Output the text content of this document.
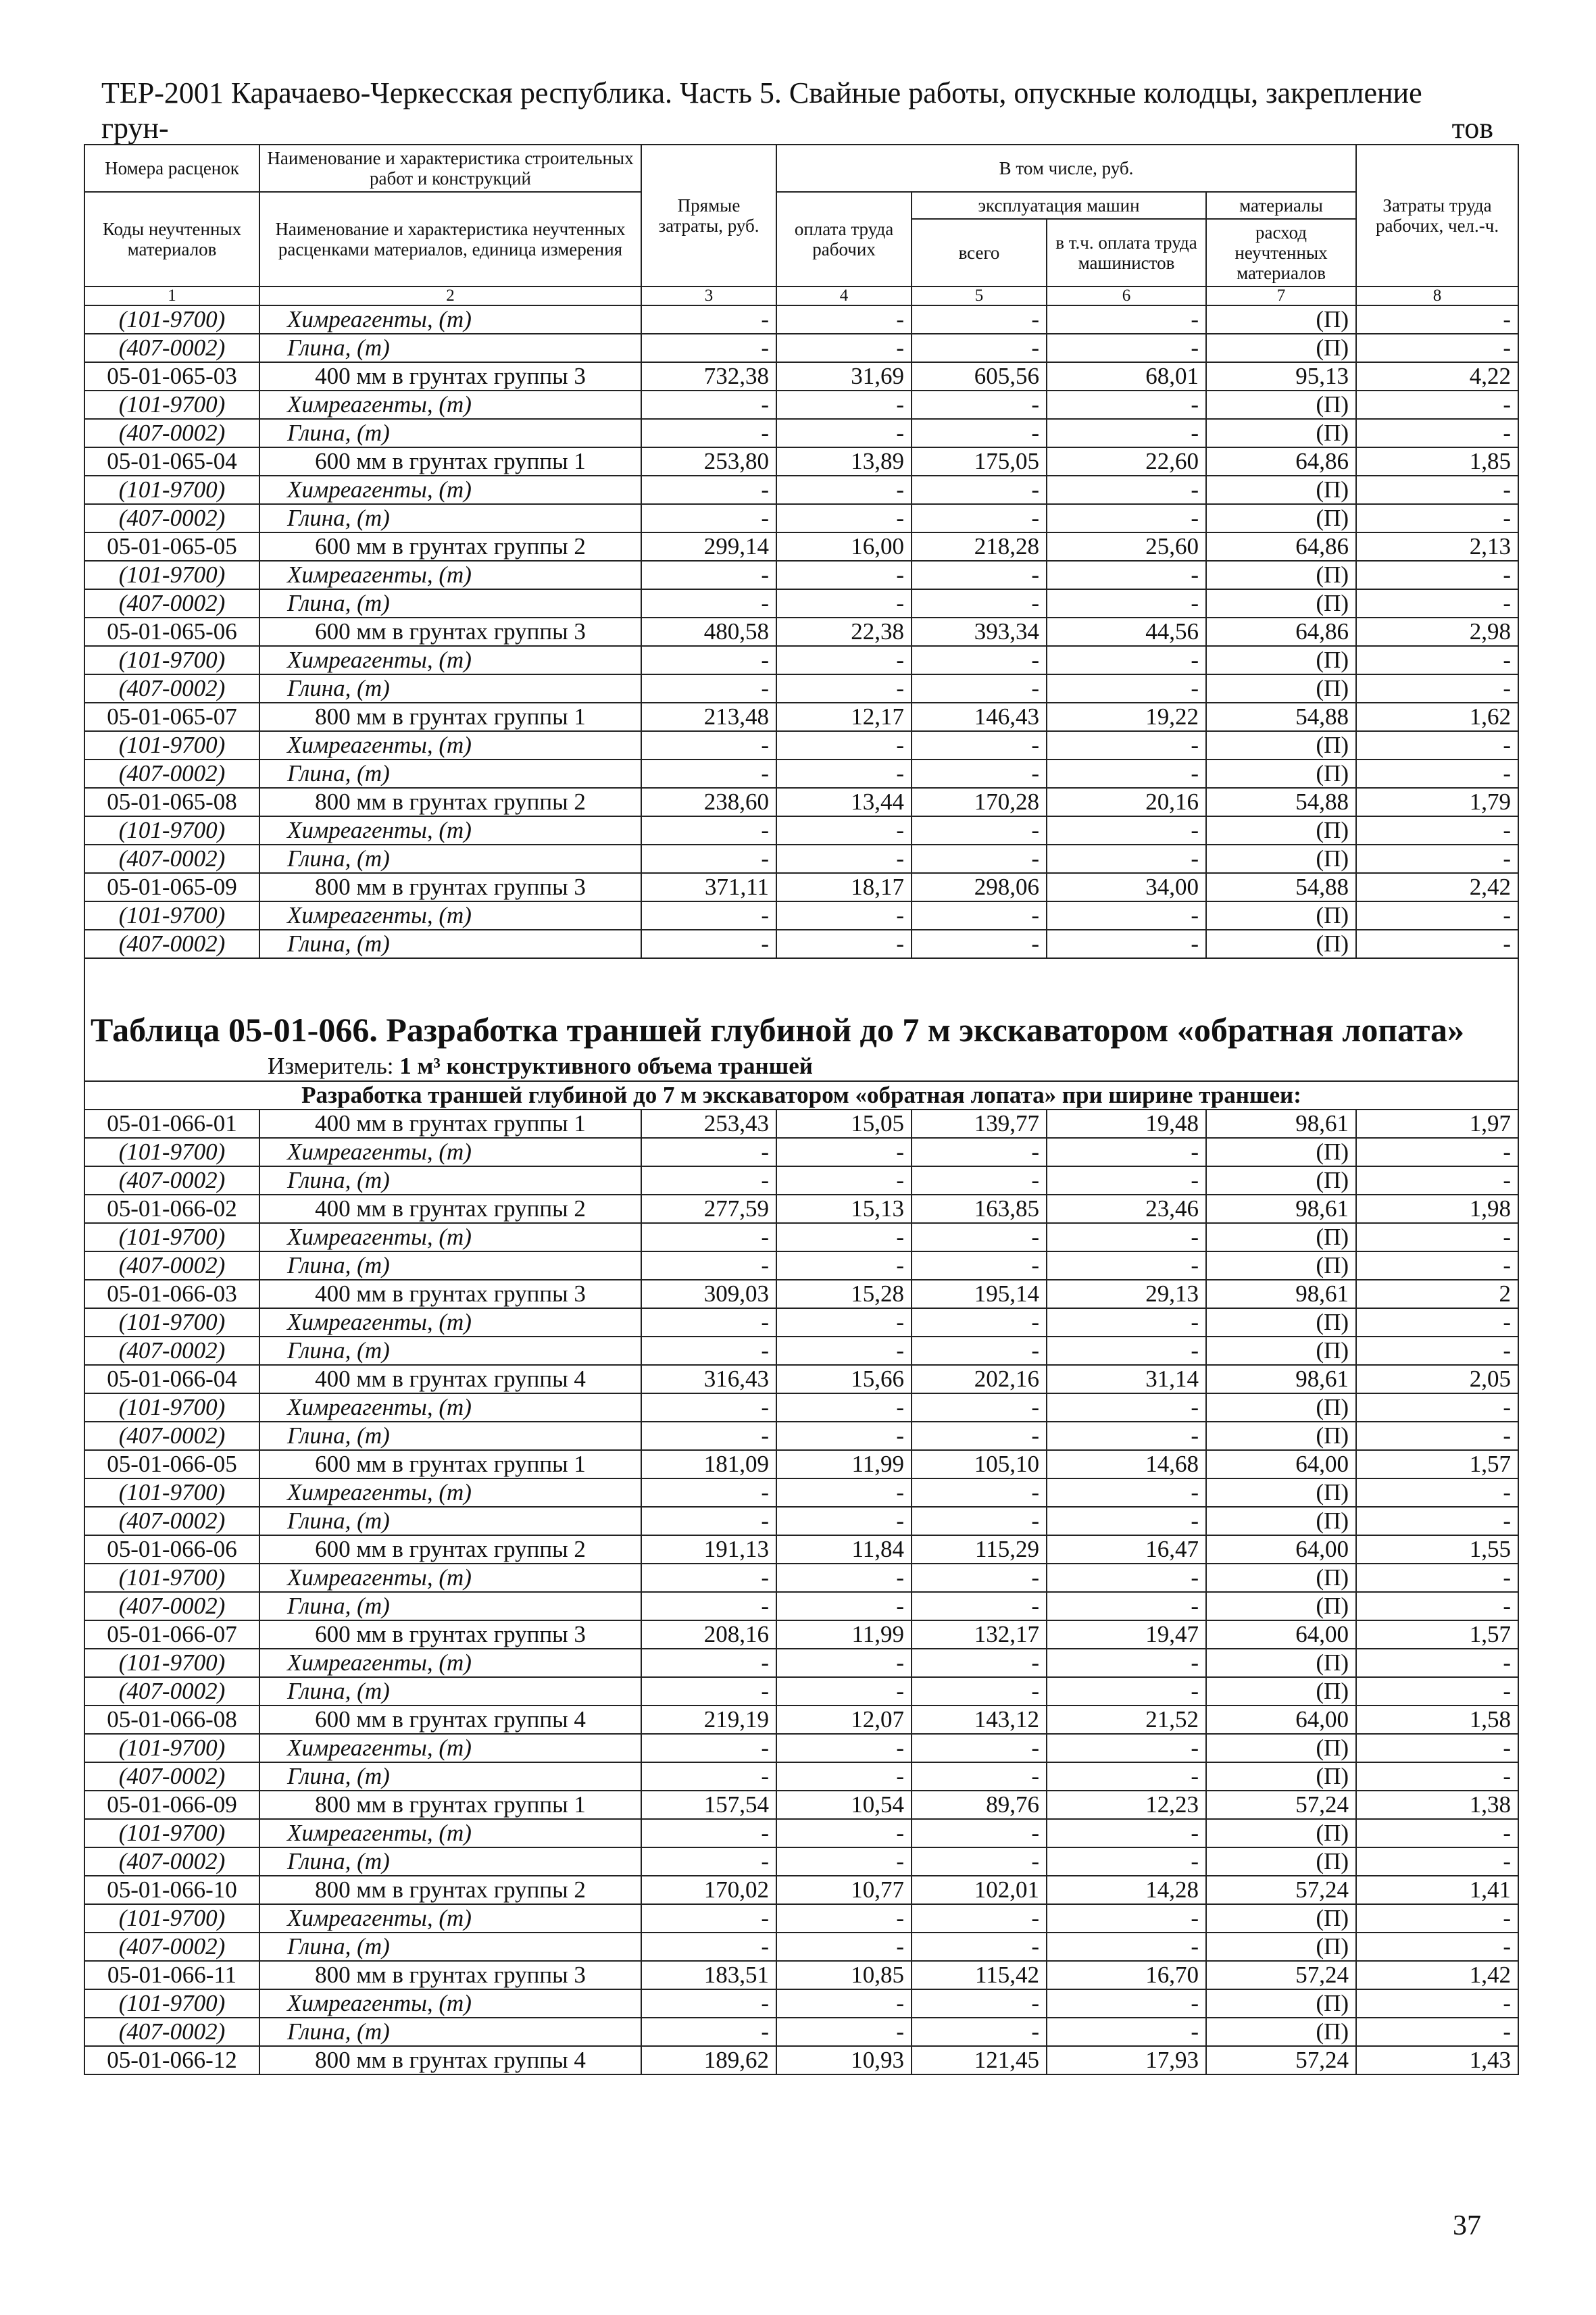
ТЕР-2001 Карачаево-Черкесская республика. Часть 5. Свайные работы, опускные колодцы, закрепление грун-	тов
Номера расценок	Наименование и характеристика строительных работ и конструкций	Прямые затраты, руб.	В том числе, руб.				Затраты труда рабочих, чел.-ч.
Коды неучтенных материалов	Наименование и характеристика неучтенных расценками материалов, единица измерения		оплата труда рабочих	эксплуатация машин		материалы	
				всего	в т.ч. оплата труда машинистов	расход неучтенных материалов	
1	2	3	4	5	6	7	8
(101-9700)	Химреагенты, (т)	-	-	-	-	(П)	-
(407-0002)	Глина, (т)	-	-	-	-	(П)	-
05-01-065-03	400 мм в грунтах группы 3	732,38	31,69	605,56	68,01	95,13	4,22
(101-9700)	Химреагенты, (т)	-	-	-	-	(П)	-
(407-0002)	Глина, (т)	-	-	-	-	(П)	-
05-01-065-04	600 мм в грунтах группы 1	253,80	13,89	175,05	22,60	64,86	1,85
(101-9700)	Химреагенты, (т)	-	-	-	-	(П)	-
(407-0002)	Глина, (т)	-	-	-	-	(П)	-
05-01-065-05	600 мм в грунтах группы 2	299,14	16,00	218,28	25,60	64,86	2,13
(101-9700)	Химреагенты, (т)	-	-	-	-	(П)	-
(407-0002)	Глина, (т)	-	-	-	-	(П)	-
05-01-065-06	600 мм в грунтах группы 3	480,58	22,38	393,34	44,56	64,86	2,98
(101-9700)	Химреагенты, (т)	-	-	-	-	(П)	-
(407-0002)	Глина, (т)	-	-	-	-	(П)	-
05-01-065-07	800 мм в грунтах группы 1	213,48	12,17	146,43	19,22	54,88	1,62
(101-9700)	Химреагенты, (т)	-	-	-	-	(П)	-
(407-0002)	Глина, (т)	-	-	-	-	(П)	-
05-01-065-08	800 мм в грунтах группы 2	238,60	13,44	170,28	20,16	54,88	1,79
(101-9700)	Химреагенты, (т)	-	-	-	-	(П)	-
(407-0002)	Глина, (т)	-	-	-	-	(П)	-
05-01-065-09	800 мм в грунтах группы 3	371,11	18,17	298,06	34,00	54,88	2,42
(101-9700)	Химреагенты, (т)	-	-	-	-	(П)	-
(407-0002)	Глина, (т)	-	-	-	-	(П)	-

Таблица 05-01-066. Разработка траншей глубиной до 7 м экскаватором «обратная лопата»							
Измеритель: 1 м³ конструктивного объема траншей							
Разработка траншей глубиной до 7 м экскаватором «обратная лопата» при ширине траншеи:							
05-01-066-01	400 мм в грунтах группы 1	253,43	15,05	139,77	19,48	98,61	1,97
(101-9700)	Химреагенты, (т)	-	-	-	-	(П)	-
(407-0002)	Глина, (т)	-	-	-	-	(П)	-
05-01-066-02	400 мм в грунтах группы 2	277,59	15,13	163,85	23,46	98,61	1,98
(101-9700)	Химреагенты, (т)	-	-	-	-	(П)	-
(407-0002)	Глина, (т)	-	-	-	-	(П)	-
05-01-066-03	400 мм в грунтах группы 3	309,03	15,28	195,14	29,13	98,61	2
(101-9700)	Химреагенты, (т)	-	-	-	-	(П)	-
(407-0002)	Глина, (т)	-	-	-	-	(П)	-
05-01-066-04	400 мм в грунтах группы 4	316,43	15,66	202,16	31,14	98,61	2,05
(101-9700)	Химреагенты, (т)	-	-	-	-	(П)	-
(407-0002)	Глина, (т)	-	-	-	-	(П)	-
05-01-066-05	600 мм в грунтах группы 1	181,09	11,99	105,10	14,68	64,00	1,57
(101-9700)	Химреагенты, (т)	-	-	-	-	(П)	-
(407-0002)	Глина, (т)	-	-	-	-	(П)	-
05-01-066-06	600 мм в грунтах группы 2	191,13	11,84	115,29	16,47	64,00	1,55
(101-9700)	Химреагенты, (т)	-	-	-	-	(П)	-
(407-0002)	Глина, (т)	-	-	-	-	(П)	-
05-01-066-07	600 мм в грунтах группы 3	208,16	11,99	132,17	19,47	64,00	1,57
(101-9700)	Химреагенты, (т)	-	-	-	-	(П)	-
(407-0002)	Глина, (т)	-	-	-	-	(П)	-
05-01-066-08	600 мм в грунтах группы 4	219,19	12,07	143,12	21,52	64,00	1,58
(101-9700)	Химреагенты, (т)	-	-	-	-	(П)	-
(407-0002)	Глина, (т)	-	-	-	-	(П)	-
05-01-066-09	800 мм в грунтах группы 1	157,54	10,54	89,76	12,23	57,24	1,38
(101-9700)	Химреагенты, (т)	-	-	-	-	(П)	-
(407-0002)	Глина, (т)	-	-	-	-	(П)	-
05-01-066-10	800 мм в грунтах группы 2	170,02	10,77	102,01	14,28	57,24	1,41
(101-9700)	Химреагенты, (т)	-	-	-	-	(П)	-
(407-0002)	Глина, (т)	-	-	-	-	(П)	-
05-01-066-11	800 мм в грунтах группы 3	183,51	10,85	115,42	16,70	57,24	1,42
(101-9700)	Химреагенты, (т)	-	-	-	-	(П)	-
(407-0002)	Глина, (т)	-	-	-	-	(П)	-
05-01-066-12	800 мм в грунтах группы 4	189,62	10,93	121,45	17,93	57,24	1,43
37
